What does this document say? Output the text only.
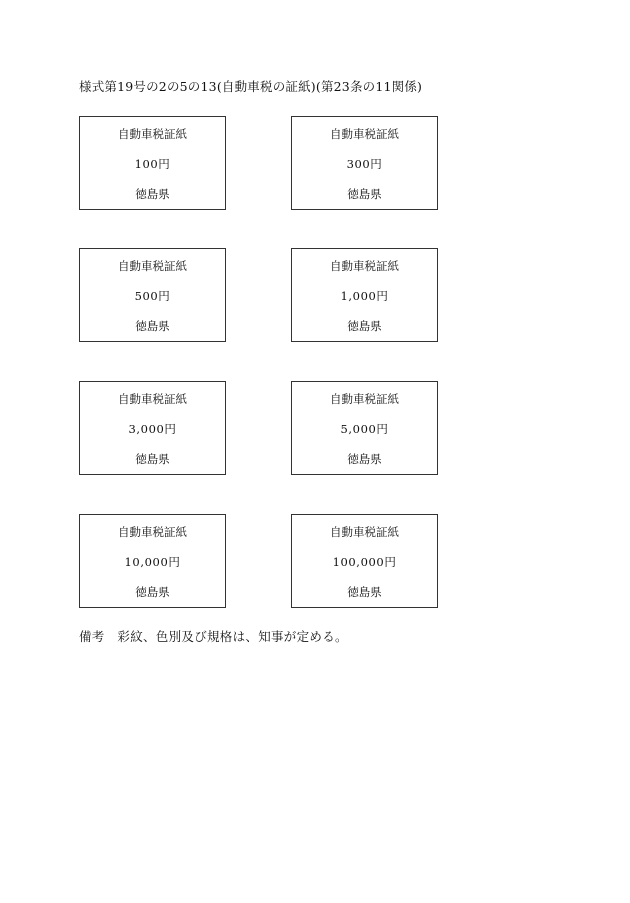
様式第19号の2の5の13(自動車税の証紙)(第23条の11関係)
自動車税証紙
100円
徳島県
自動車税証紙
300円
徳島県
自動車税証紙
500円
徳島県
自動車税証紙
1,000円
徳島県
自動車税証紙
3,000円
徳島県
自動車税証紙
5,000円
徳島県
自動車税証紙
10,000円
徳島県
自動車税証紙
100,000円
徳島県
備考　彩紋、色別及び規格は、知事が定める。
